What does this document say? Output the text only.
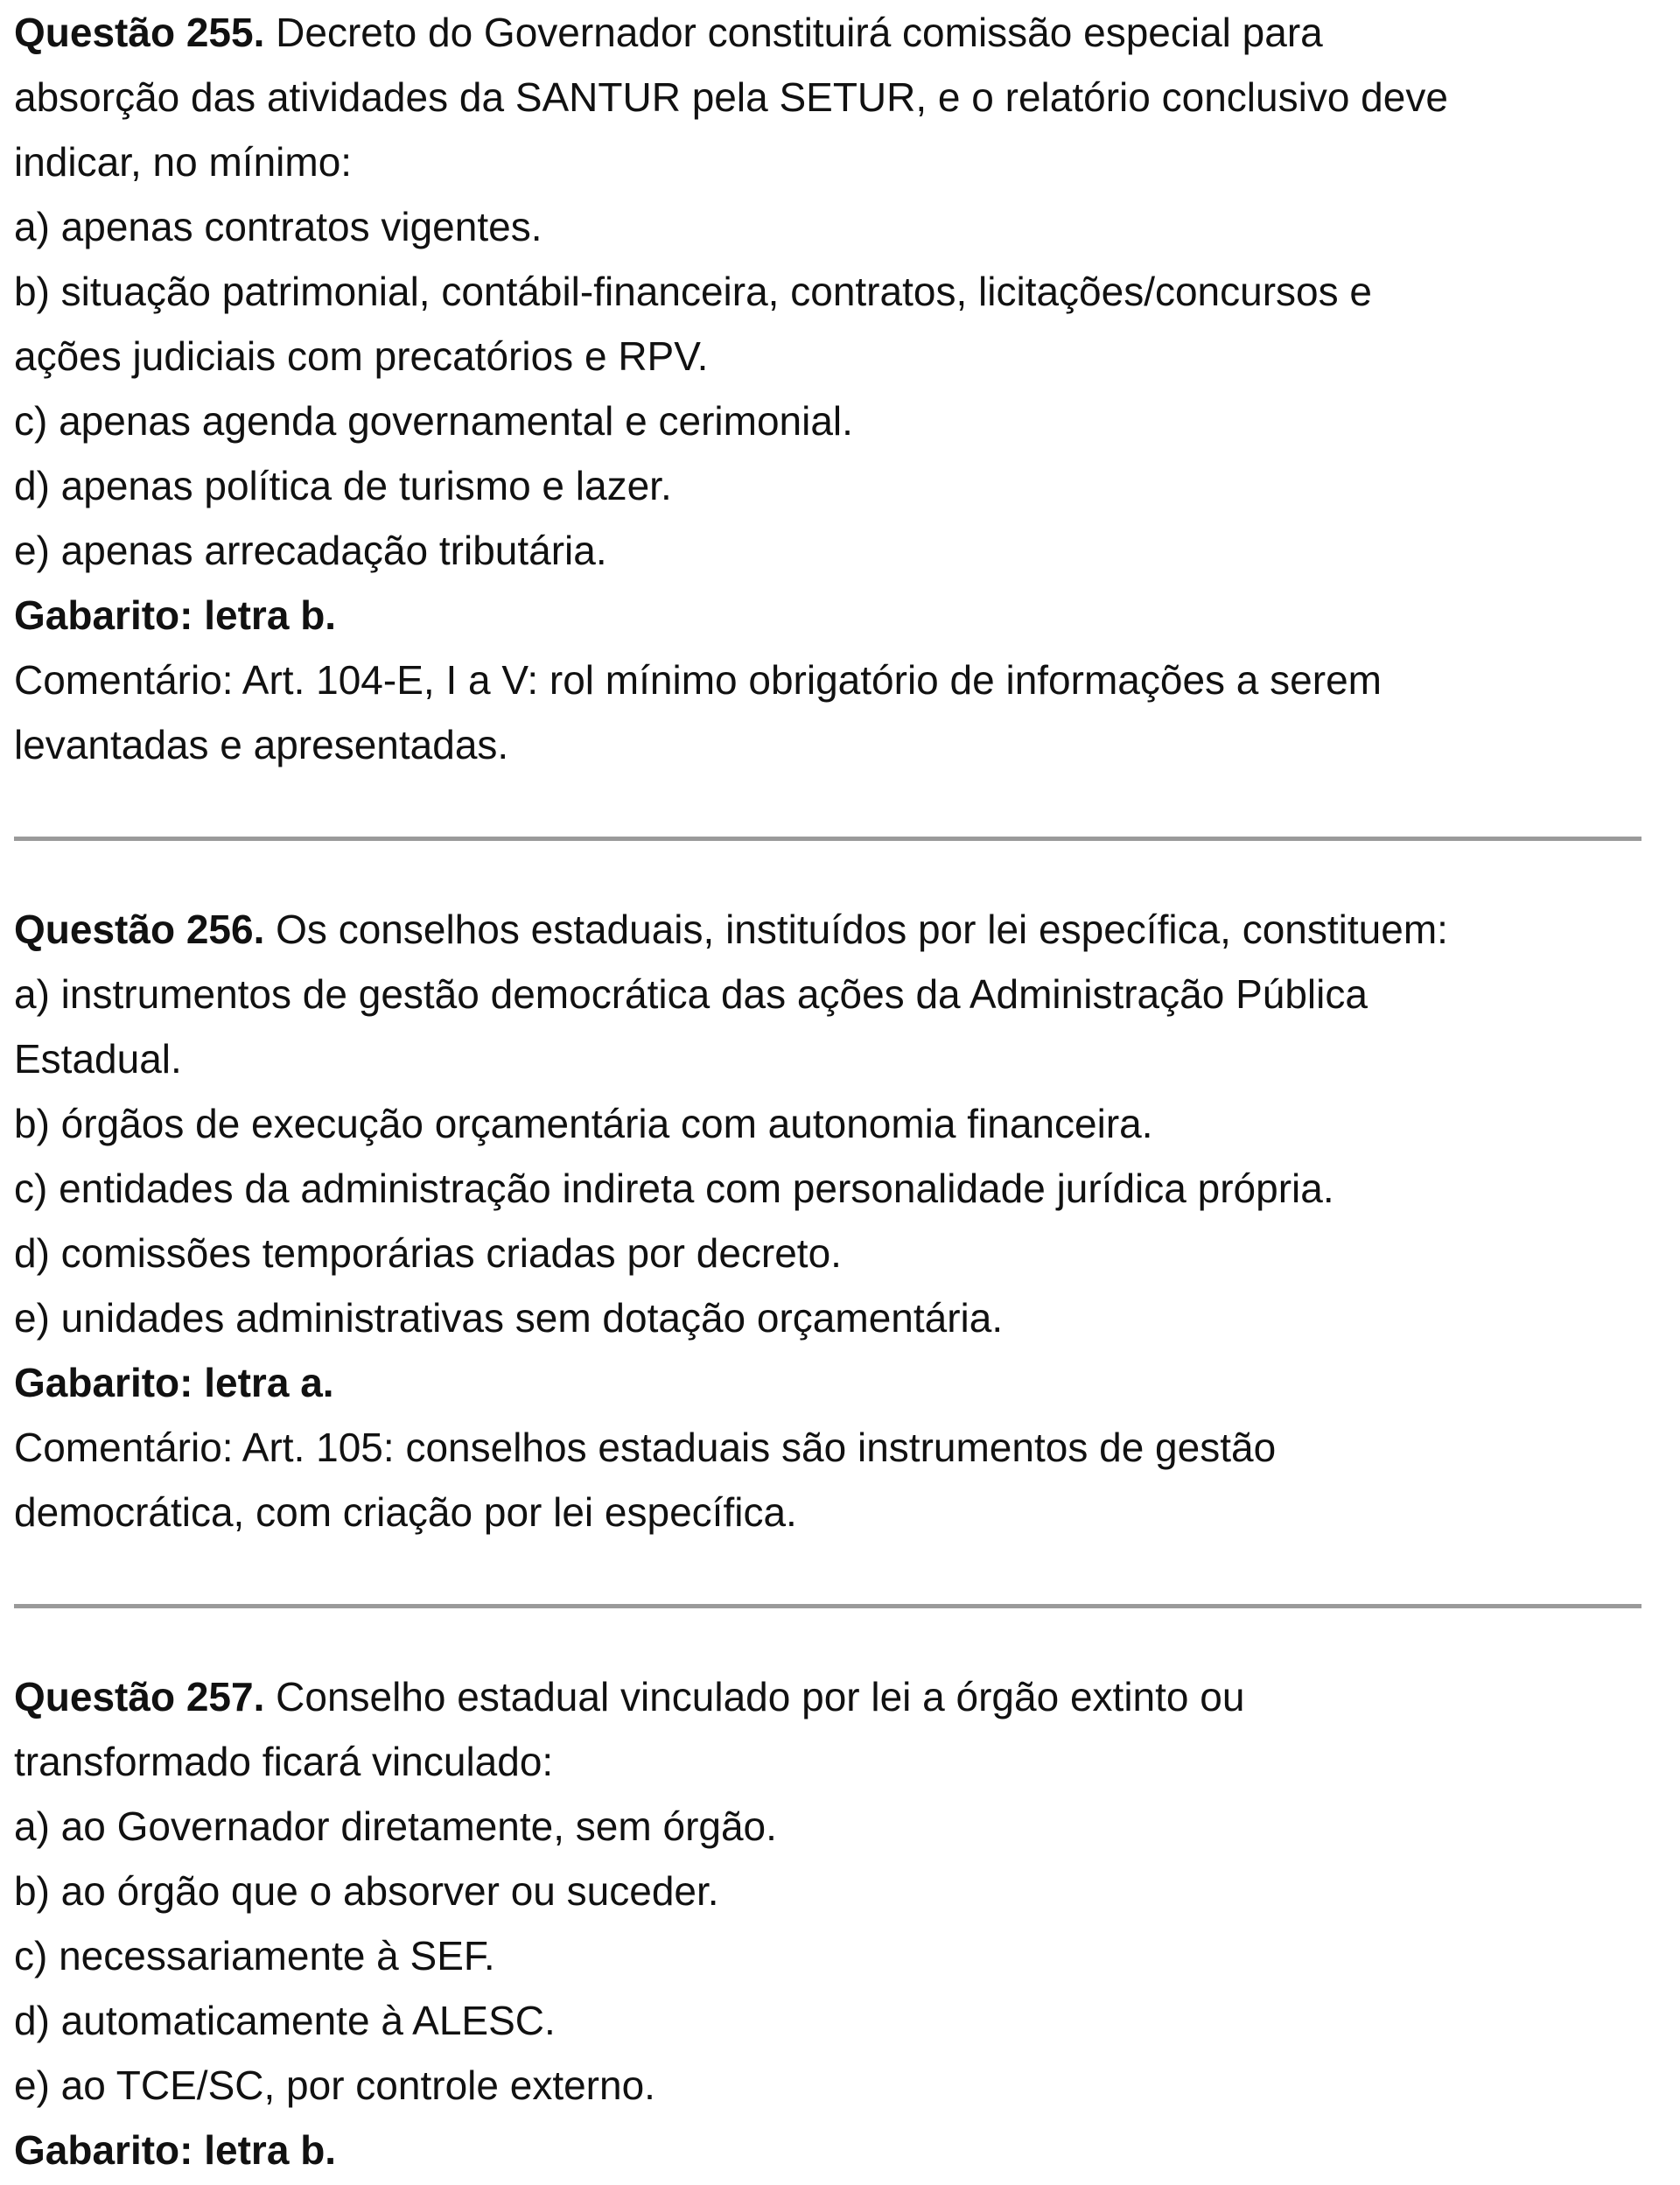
Questão 255. Decreto do Governador constituirá comissão especial para

absorção das atividades da SANTUR pela SETUR, e o relatório conclusivo deve

indicar, no mínimo:

a) apenas contratos vigentes.

b) situação patrimonial, contábil-financeira, contratos, licitações/concursos e

ações judiciais com precatórios e RPV.

c) apenas agenda governamental e cerimonial.

d) apenas política de turismo e lazer.

e) apenas arrecadação tributária.

Gabarito: letra b.

Comentário: Art. 104-E, I a V: rol mínimo obrigatório de informações a serem

levantadas e apresentadas.

Questão 256. Os conselhos estaduais, instituídos por lei específica, constituem:

a) instrumentos de gestão democrática das ações da Administração Pública

Estadual.

b) órgãos de execução orçamentária com autonomia financeira.

c) entidades da administração indireta com personalidade jurídica própria.

d) comissões temporárias criadas por decreto.

e) unidades administrativas sem dotação orçamentária.

Gabarito: letra a.

Comentário: Art. 105: conselhos estaduais são instrumentos de gestão

democrática, com criação por lei específica.

Questão 257. Conselho estadual vinculado por lei a órgão extinto ou

transformado ficará vinculado:

a) ao Governador diretamente, sem órgão.

b) ao órgão que o absorver ou suceder.

c) necessariamente à SEF.

d) automaticamente à ALESC.

e) ao TCE/SC, por controle externo.

Gabarito: letra b.
